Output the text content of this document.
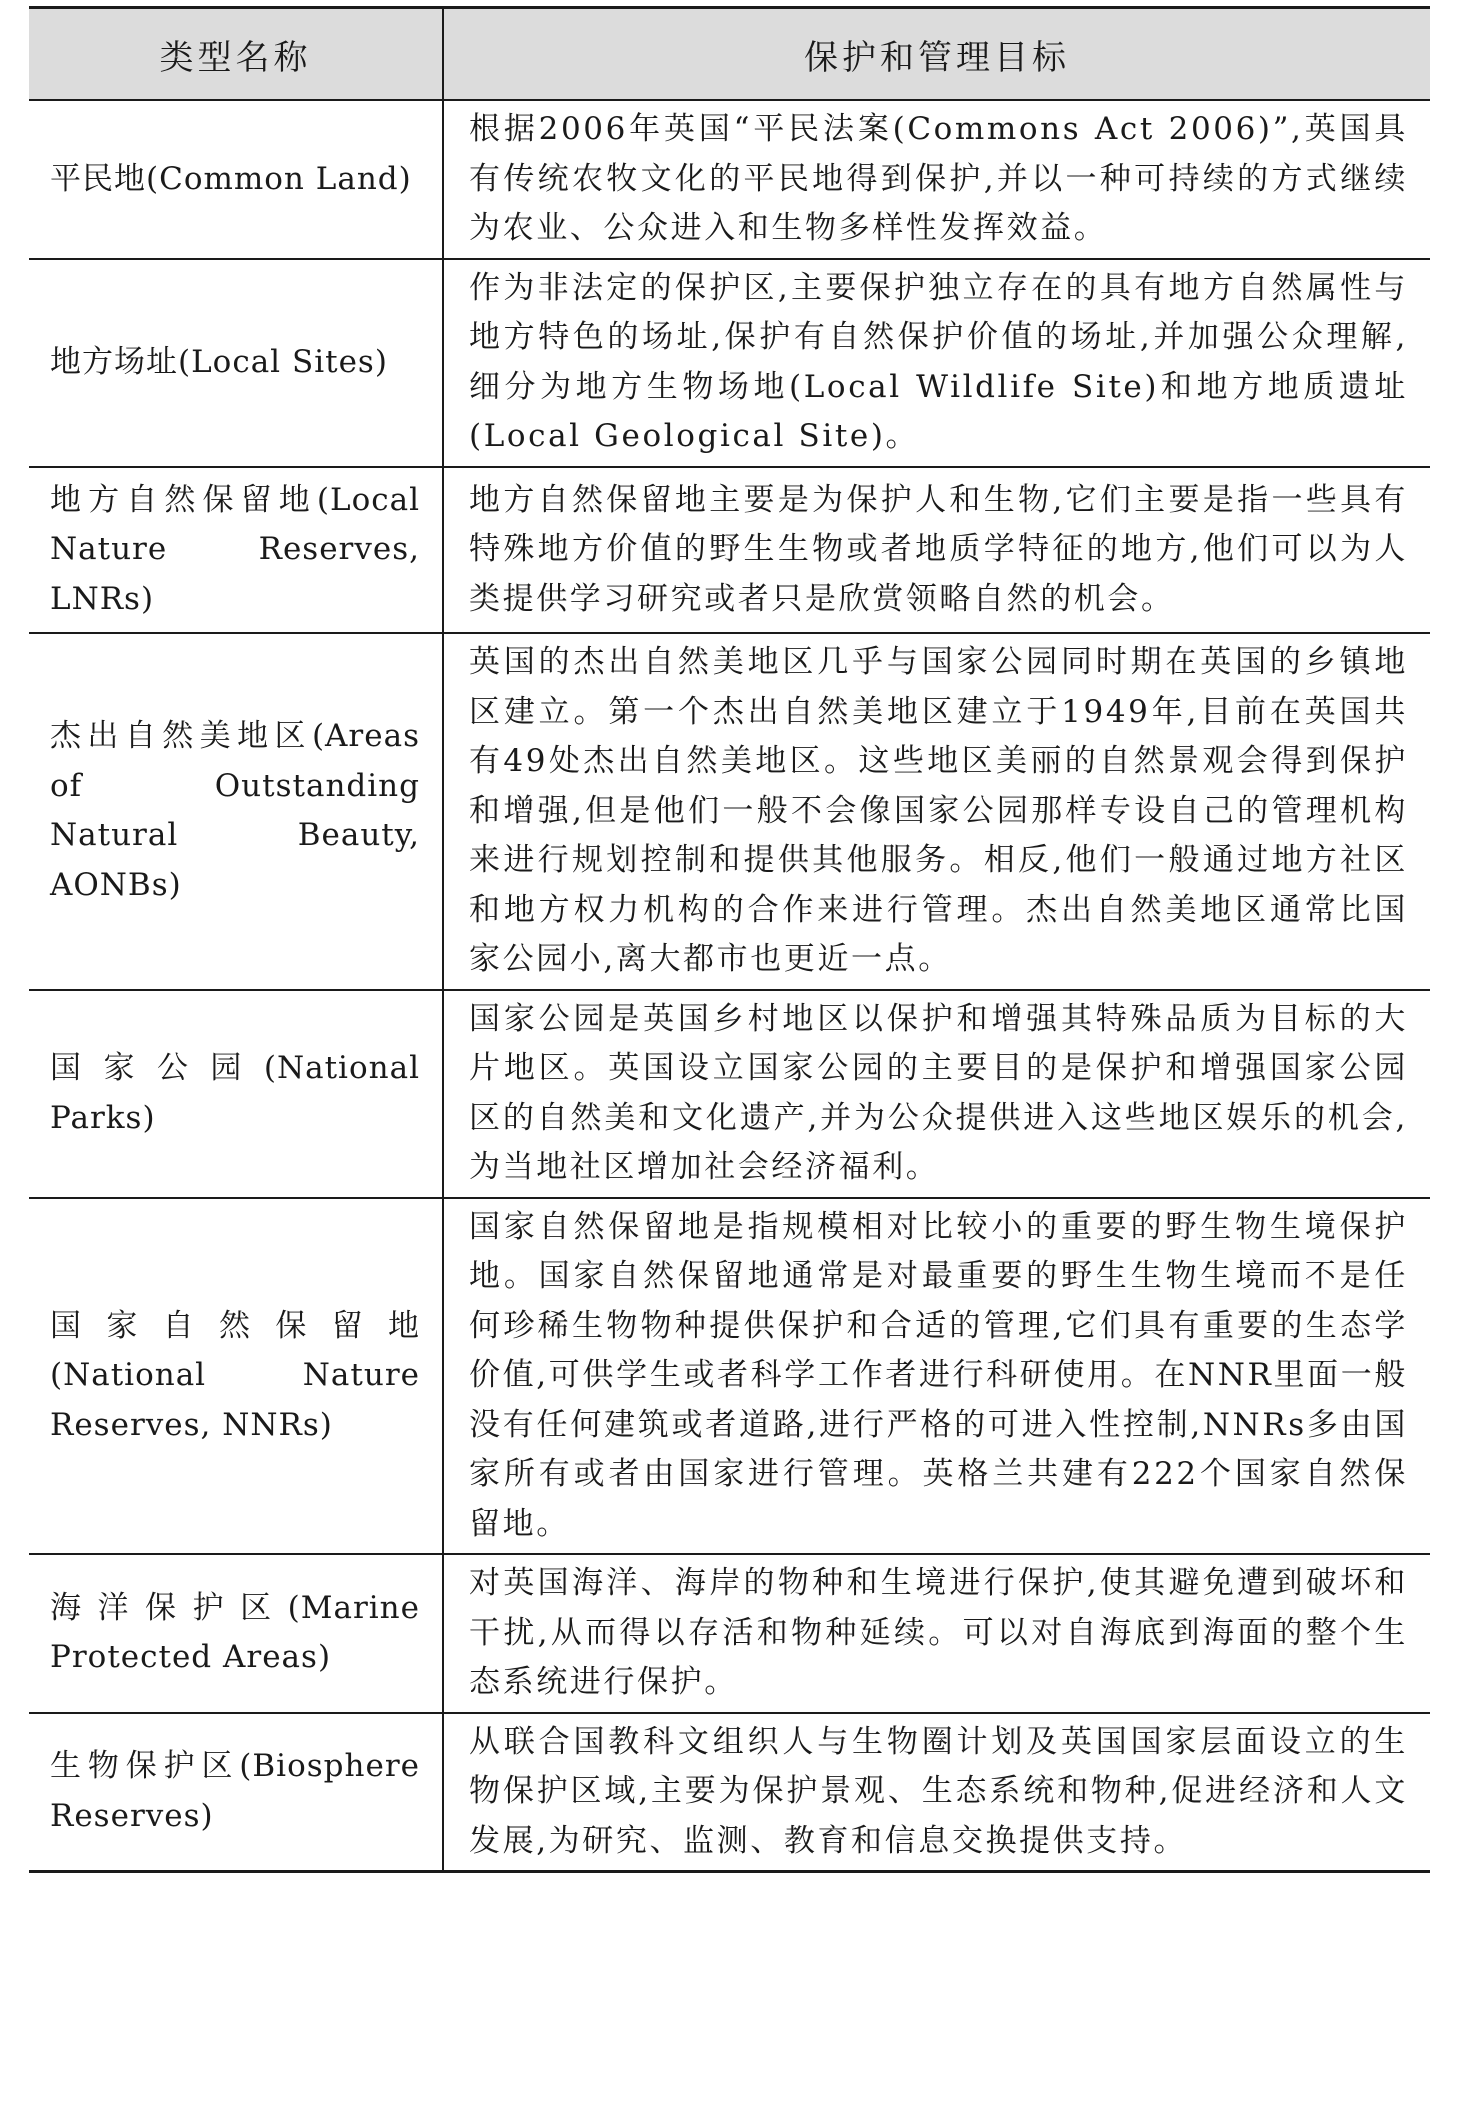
类型名称	保护和管理目标
平民地(Common Land)	根据2006年英国“平民法案(Commons Act 2006)”,英国具有传统农牧文化的平民地得到保护,并以一种可持续的方式继续为农业、公众进入和生物多样性发挥效益。
地方场址(Local Sites)	作为非法定的保护区,主要保护独立存在的具有地方自然属性与地方特色的场址,保护有自然保护价值的场址,并加强公众理解,细分为地方生物场地(Local Wildlife Site)和地方地质遗址(Local Geological Site)。
地方自然保留地(Local Nature Reserves, LNRs)	地方自然保留地主要是为保护人和生物,它们主要是指一些具有特殊地方价值的野生生物或者地质学特征的地方,他们可以为人类提供学习研究或者只是欣赏领略自然的机会。
杰出自然美地区(Areas of Outstanding Natural Beauty, AONBs)	英国的杰出自然美地区几乎与国家公园同时期在英国的乡镇地区建立。第一个杰出自然美地区建立于1949年,目前在英国共有49处杰出自然美地区。这些地区美丽的自然景观会得到保护和增强,但是他们一般不会像国家公园那样专设自己的管理机构来进行规划控制和提供其他服务。相反,他们一般通过地方社区和地方权力机构的合作来进行管理。杰出自然美地区通常比国家公园小,离大都市也更近一点。
国家公园(National Parks)	国家公园是英国乡村地区以保护和增强其特殊品质为目标的大片地区。英国设立国家公园的主要目的是保护和增强国家公园区的自然美和文化遗产,并为公众提供进入这些地区娱乐的机会,为当地社区增加社会经济福利。
国家自然保留地(National Nature Reserves, NNRs)	国家自然保留地是指规模相对比较小的重要的野生物生境保护地。国家自然保留地通常是对最重要的野生生物生境而不是任何珍稀生物物种提供保护和合适的管理,它们具有重要的生态学价值,可供学生或者科学工作者进行科研使用。在NNR里面一般没有任何建筑或者道路,进行严格的可进入性控制,NNRs多由国家所有或者由国家进行管理。英格兰共建有222个国家自然保留地。
海洋保护区(Marine Protected Areas)	对英国海洋、海岸的物种和生境进行保护,使其避免遭到破坏和干扰,从而得以存活和物种延续。可以对自海底到海面的整个生态系统进行保护。
生物保护区(Biosphere Reserves)	从联合国教科文组织人与生物圈计划及英国国家层面设立的生物保护区域,主要为保护景观、生态系统和物种,促进经济和人文发展,为研究、监测、教育和信息交换提供支持。
